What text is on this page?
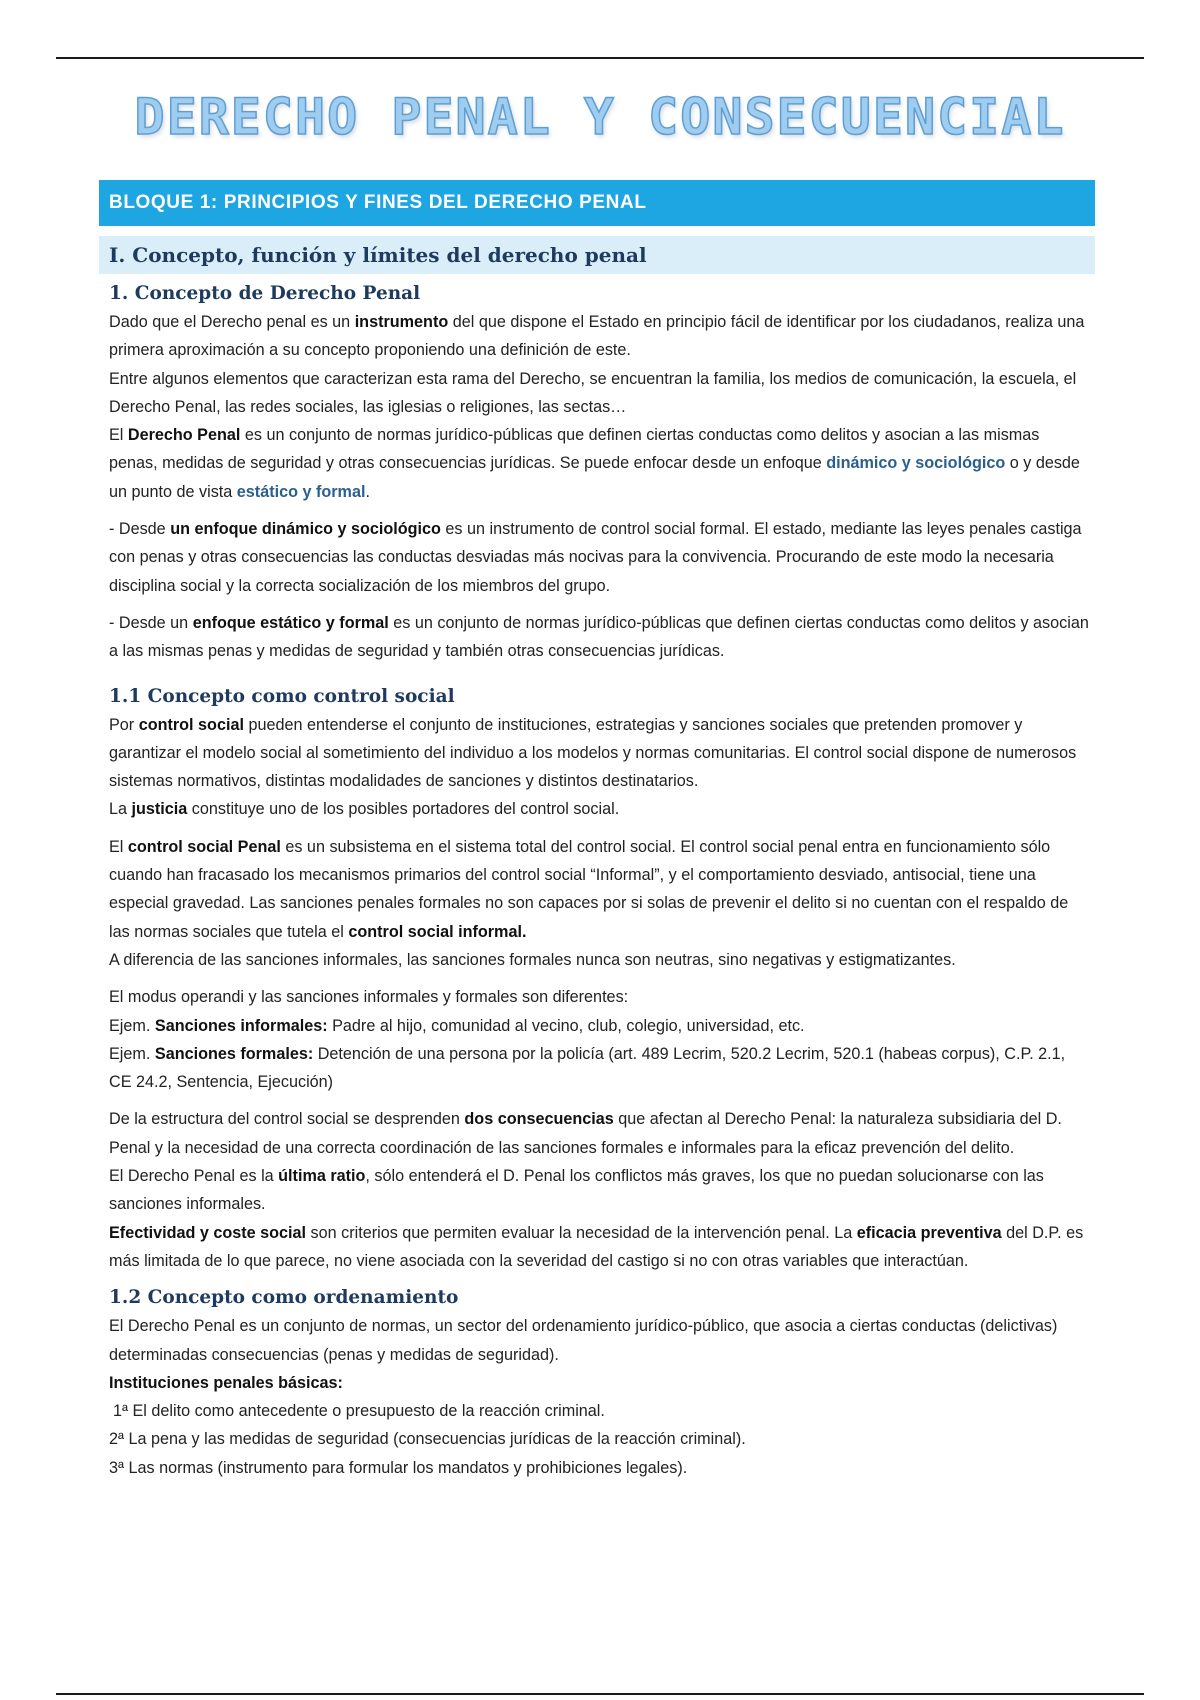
DERECHO PENAL Y CONSECUENCIAL
BLOQUE 1: PRINCIPIOS Y FINES DEL DERECHO PENAL
I. Concepto, función y límites del derecho penal
1. Concepto de Derecho Penal

Dado que el Derecho penal es un instrumento del que dispone el Estado en principio fácil de identificar por los ciudadanos, realiza una primera aproximación a su concepto proponiendo una definición de este.

Entre algunos elementos que caracterizan esta rama del Derecho, se encuentran la familia, los medios de comunicación, la escuela, el Derecho Penal, las redes sociales, las iglesias o religiones, las sectas…

El Derecho Penal es un conjunto de normas jurídico-públicas que definen ciertas conductas como delitos y asocian a las mismas penas, medidas de seguridad y otras consecuencias jurídicas. Se puede enfocar desde un enfoque dinámico y sociológico o y desde un punto de vista estático y formal.

- Desde un enfoque dinámico y sociológico es un instrumento de control social formal. El estado, mediante las leyes penales castiga con penas y otras consecuencias las conductas desviadas más nocivas para la convivencia. Procurando de este modo la necesaria disciplina social y la correcta socialización de los miembros del grupo.

- Desde un enfoque estático y formal es un conjunto de normas jurídico-públicas que definen ciertas conductas como delitos y asocian a las mismas penas y medidas de seguridad y también otras consecuencias jurídicas.

1.1 Concepto como control social

Por control social pueden entenderse el conjunto de instituciones, estrategias y sanciones sociales que pretenden promover y garantizar el modelo social al sometimiento del individuo a los modelos y normas comunitarias. El control social dispone de numerosos sistemas normativos, distintas modalidades de sanciones y distintos destinatarios.

La justicia constituye uno de los posibles portadores del control social.

El control social Penal es un subsistema en el sistema total del control social. El control social penal entra en funcionamiento sólo cuando han fracasado los mecanismos primarios del control social “Informal”, y el comportamiento desviado, antisocial, tiene una especial gravedad. Las sanciones penales formales no son capaces por si solas de prevenir el delito si no cuentan con el respaldo de las normas sociales que tutela el control social informal.

A diferencia de las sanciones informales, las sanciones formales nunca son neutras, sino negativas y estigmatizantes.

El modus operandi y las sanciones informales y formales son diferentes:

Ejem. Sanciones informales: Padre al hijo, comunidad al vecino, club, colegio, universidad, etc.

Ejem. Sanciones formales: Detención de una persona por la policía (art. 489 Lecrim, 520.2 Lecrim, 520.1 (habeas corpus), C.P. 2.1, CE 24.2, Sentencia, Ejecución)

De la estructura del control social se desprenden dos consecuencias que afectan al Derecho Penal: la naturaleza subsidiaria del D. Penal y la necesidad de una correcta coordinación de las sanciones formales e informales para la eficaz prevención del delito.

El Derecho Penal es la última ratio, sólo entenderá el D. Penal los conflictos más graves, los que no puedan solucionarse con las sanciones informales.

Efectividad y coste social son criterios que permiten evaluar la necesidad de la intervención penal. La eficacia preventiva del D.P. es más limitada de lo que parece, no viene asociada con la severidad del castigo si no con otras variables que interactúan.

1.2 Concepto como ordenamiento

El Derecho Penal es un conjunto de normas, un sector del ordenamiento jurídico-público, que asocia a ciertas conductas (delictivas) determinadas consecuencias (penas y medidas de seguridad).

Instituciones penales básicas:

1ª El delito como antecedente o presupuesto de la reacción criminal.

2ª La pena y las medidas de seguridad (consecuencias jurídicas de la reacción criminal).

3ª Las normas (instrumento para formular los mandatos y prohibiciones legales).
